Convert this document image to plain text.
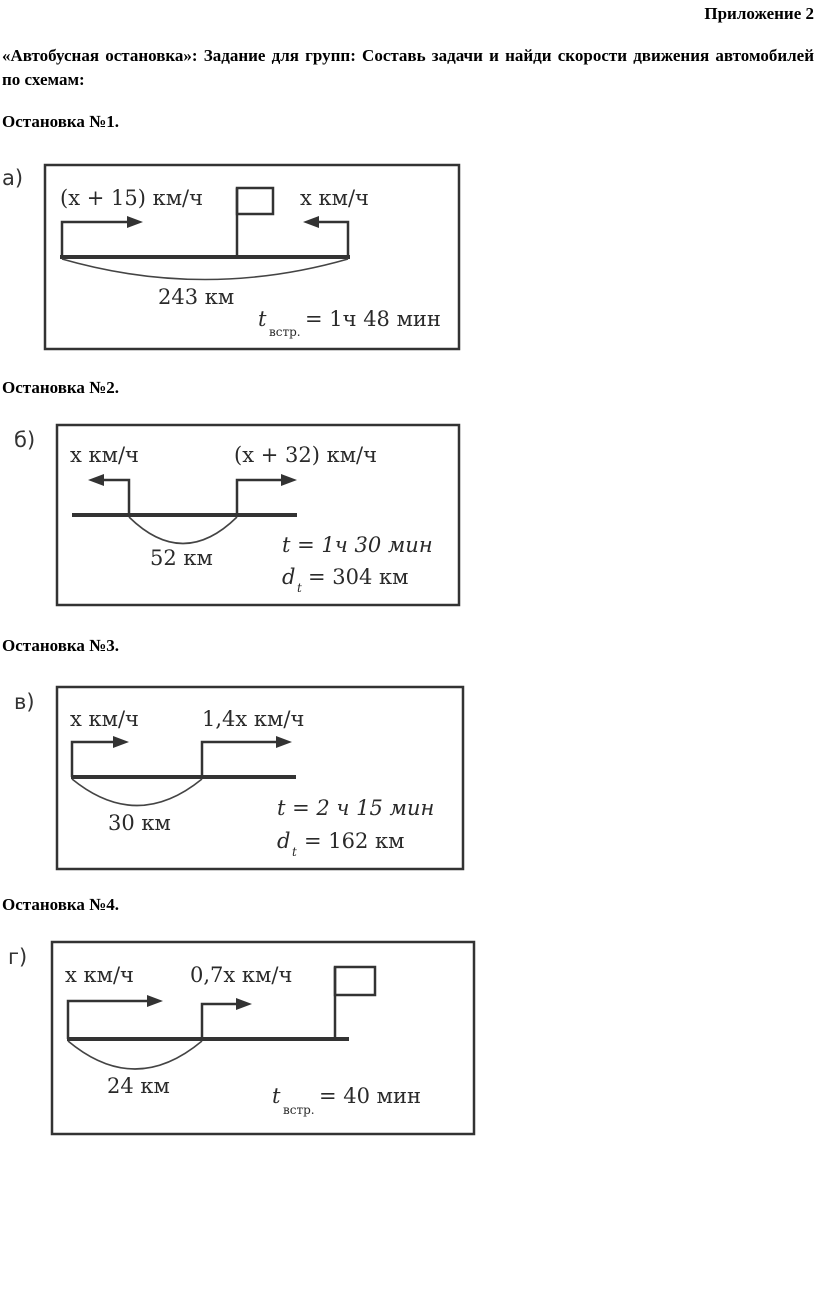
Приложение 2
«Автобусная остановка»: Задание для групп: Составь задачи и найди скорости движения автомобилей по схемам:
Остановка №1.
а)
(x + 15) км/ч	x км/ч
243 км
t
встр.
= 1ч 48 мин
Остановка №2.
б)
x км/ч	(x + 32) км/ч
52 км
t = 1ч 30 мин
d t = 304 км
Остановка №3.
в)
x км/ч	1,4x км/ч
30 км
t = 2 ч 15 мин
d t = 162 км
Остановка №4.
г)
x км/ч	0,7x км/ч
24 км	t
встр.
= 40 мин
